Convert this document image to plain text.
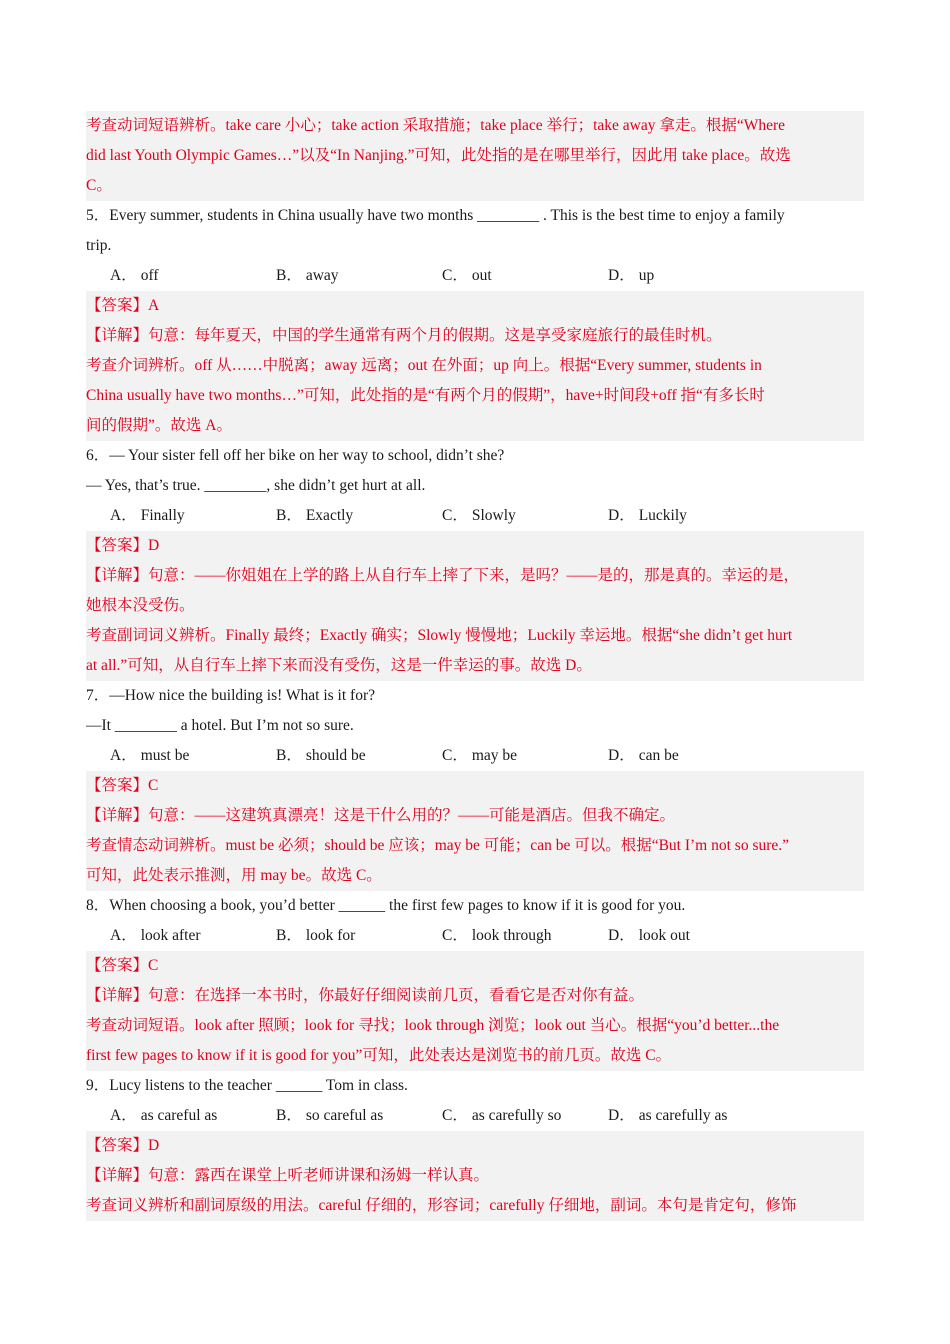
考查动词短语辨析。take care 小心；take action 采取措施；take place 举行；take away 拿走。根据“Where
did last Youth Olympic Games…”以及“In Nanjing.”可知，此处指的是在哪里举行，因此用 take place。故选
C。
5．Every summer, students in China usually have two months ________ . This is the best time to enjoy a family
trip.
A． off	B． away	C． out	D． up
【答案】A
【详解】句意：每年夏天，中国的学生通常有两个月的假期。这是享受家庭旅行的最佳时机。
考查介词辨析。off 从……中脱离；away 远离；out 在外面；up 向上。根据“Every summer, students in
China usually have two months…”可知，此处指的是“有两个月的假期”，have+时间段+off 指“有多长时
间的假期”。故选 A。
6．— Your sister fell off her bike on her way to school, didn’t she?
— Yes, that’s true. ________, she didn’t get hurt at all.
A． Finally	B． Exactly	C． Slowly	D． Luckily
【答案】D
【详解】句意：——你姐姐在上学的路上从自行车上摔了下来，是吗？——是的，那是真的。幸运的是，
她根本没受伤。
考查副词词义辨析。Finally 最终；Exactly 确实；Slowly 慢慢地；Luckily 幸运地。根据“she didn’t get hurt
at all.”可知，从自行车上摔下来而没有受伤，这是一件幸运的事。故选 D。
7．—How nice the building is! What is it for?
—It ________ a hotel. But I’m not so sure.
A． must be	B． should be	C． may be	D． can be
【答案】C
【详解】句意：——这建筑真漂亮！这是干什么用的？——可能是酒店。但我不确定。
考查情态动词辨析。must be 必须；should be 应该；may be 可能；can be 可以。根据“But I’m not so sure.”
可知，此处表示推测，用 may be。故选 C。
8．When choosing a book, you’d better ______ the first few pages to know if it is good for you.
A． look after	B． look for	C． look through	D． look out
【答案】C
【详解】句意：在选择一本书时，你最好仔细阅读前几页，看看它是否对你有益。
考查动词短语。look after 照顾；look for 寻找；look through 浏览；look out 当心。根据“you’d better...the
first few pages to know if it is good for you”可知，此处表达是浏览书的前几页。故选 C。
9．Lucy listens to the teacher ______ Tom in class.
A． as careful as	B． so careful as	C． as carefully so	D． as carefully as
【答案】D
【详解】句意：露西在课堂上听老师讲课和汤姆一样认真。
考查词义辨析和副词原级的用法。careful 仔细的，形容词；carefully 仔细地，副词。本句是肯定句，修饰
